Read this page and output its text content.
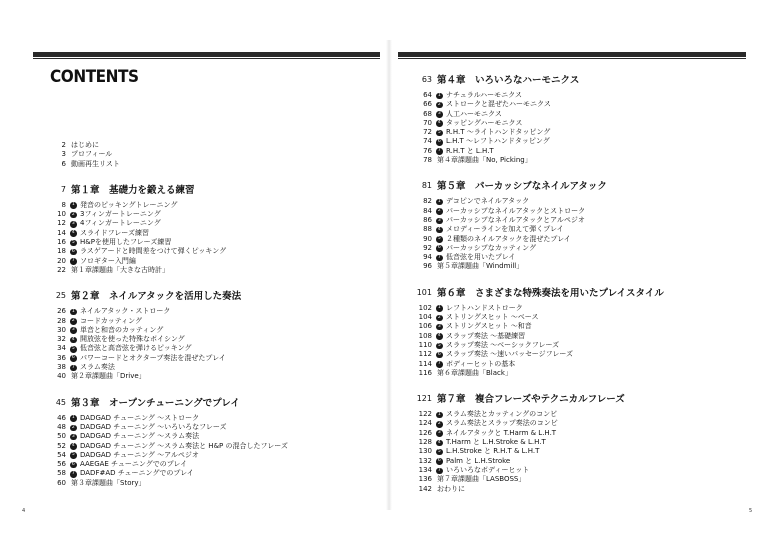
CONTENTS
2 はじめに
3 プロフィール
6 動画再生リスト
7 第１章　基礎力を鍛える練習
8	1 発音のピッキングトレーニング
10	2 3フィンガートレーニング
12	3 4フィンガートレーニング
14	4 スライドフレーズ練習
16	5 H&Pを使用したフレーズ練習
18	6 ラスゲアードと時間差をつけて弾くピッキング
20	7 ソロギター入門編
22 第１章課題曲「大きな古時計」
25 第２章　ネイルアタックを活用した奏法
26	1 ネイルアタック・ストローク
28	2 コードカッティング
30	3 単音と和音のカッティング
32	4 開放弦を使った特殊なボイシング
34	5 低音弦と高音弦を弾けるピッキング
36	6 パワーコードとオクターブ奏法を混ぜたプレイ
38	7 スラム奏法
40 第２章課題曲「Drive」
45 第３章　オープンチューニングでプレイ
46	1 DADGAD チューニング ～ストローク
48	2 DADGAD チューニング ～いろいろなフレーズ
50	3 DADGAD チューニング ～スラム奏法
52	4 DADGAD チューニング ～スラム奏法と H&P の混合したフレーズ
54	5 DADGAD チューニング ～アルペジオ
56	6 AAEGAE チューニングでのプレイ
58	7 DADF#AD チューニングでのプレイ
60 第３章課題曲「Story」
63 第４章　いろいろなハーモニクス
64	1 ナチュラルハーモニクス
66	2 ストロークと混ぜたハーモニクス
68	3 人工ハーモニクス
70	4 タッピングハーモニクス
72	5 R.H.T ～ライトハンドタッピング
74	6 L.H.T ～レフトハンドタッピング
76	7 R.H.T と L.H.T
78 第４章課題曲「No, Picking」
81 第５章　パーカッシブなネイルアタック
82	1 デコピンでネイルアタック
84	2 パーカッシブなネイルアタックとストローク
86	3 パーカッシブなネイルアタックとアルペジオ
88	4 メロディーラインを加えて弾くプレイ
90	5 ２種類のネイルアタックを混ぜたプレイ
92	6 パーカッシブなカッティング
94	7 低音弦を用いたプレイ
96 第５章課題曲「Windmill」
101 第６章　さまざまな特殊奏法を用いたプレイスタイル
102	1 レフトハンドストローク
104	2 ストリングスヒット ～ベース
106	3 ストリングスヒット ～和音
108	4 スラップ奏法 ～基礎練習
110	5 スラップ奏法 ～ベーシックフレーズ
112	6 スラップ奏法 ～速いパッセージフレーズ
114	7 ボディーヒットの基本
116 第６章課題曲「Black」
121 第７章　複合フレーズやテクニカルフレーズ
122	1 スラム奏法とカッティングのコンビ
124	2 スラム奏法とスラップ奏法のコンビ
126	3 ネイルアタックと T.Harm & L.H.T
128	4 T.Harm と L.H.Stroke & L.H.T
130	5 L.H.Stroke と R.H.T & L.H.T
132	6 Palm と L.H.Stroke
134	7 いろいろなボディーヒット
136 第７章課題曲「LASBOSS」
142 おわりに
4	5
